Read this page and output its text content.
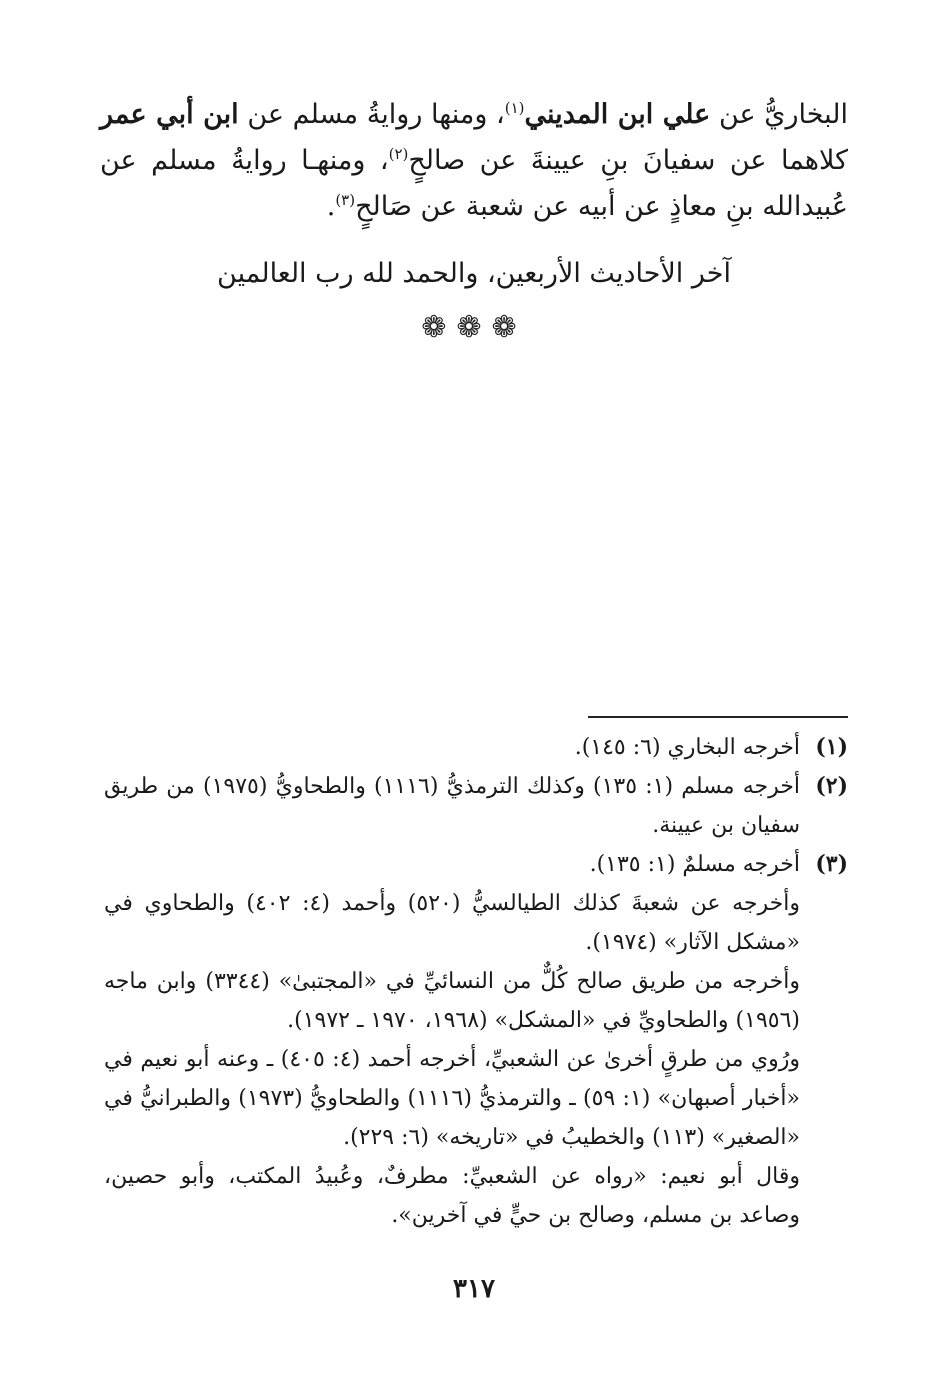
البخاريُّ عن علي ابن المديني$^{(١)}$، ومنها روايةُ مسلم عن ابن أبي عمر كلاهما عن سفيانَ بنِ عيينةَ عن صالحٍ$^{(٢)}$، ومنهـا روايةُ مسلم عن عُبيدالله بنِ معاذٍ عن أبيه عن شعبة عن صَالحٍ$^{(٣)}$.

آخر الأحاديث الأربعين، والحمد لله رب العالمين
❁❁❁
(١)
أخرجه البخاري (٦: ١٤٥).
(٢)
أخرجه مسلم (١: ١٣٥) وكذلك الترمذيُّ (١١١٦) والطحاويُّ (١٩٧٥) من طريق سفيان بن عيينة.
(٣)
أخرجه مسلمٌ (١: ١٣٥).
وأخرجه عن شعبةَ كذلك الطيالسيُّ (٥٢٠) وأحمد (٤: ٤٠٢) والطحاوي في «مشكل الآثار» (١٩٧٤).
وأخرجه من طريق صالح كُلٌّ من النسائيِّ في «المجتبىٰ» (٣٣٤٤) وابن ماجه (١٩٥٦) والطحاويِّ في «المشكل» (١٩٦٨، ١٩٧٠ ـ ١٩٧٢).
ورُوي من طرقٍ أخرىٰ عن الشعبيِّ، أخرجه أحمد (٤: ٤٠٥) ـ وعنه أبو نعيم في «أخبار أصبهان» (١: ٥٩) ـ والترمذيُّ (١١١٦) والطحاويُّ (١٩٧٣) والطبرانيُّ في «الصغير» (١١٣) والخطيبُ في «تاريخه» (٦: ٢٢٩).
وقال أبو نعيم: «رواه عن الشعبيِّ: مطرفٌ، وعُبيدُ المكتب، وأبو حصين، وصاعد بن مسلم، وصالح بن حيٍّ في آخرين».
٣١٧
